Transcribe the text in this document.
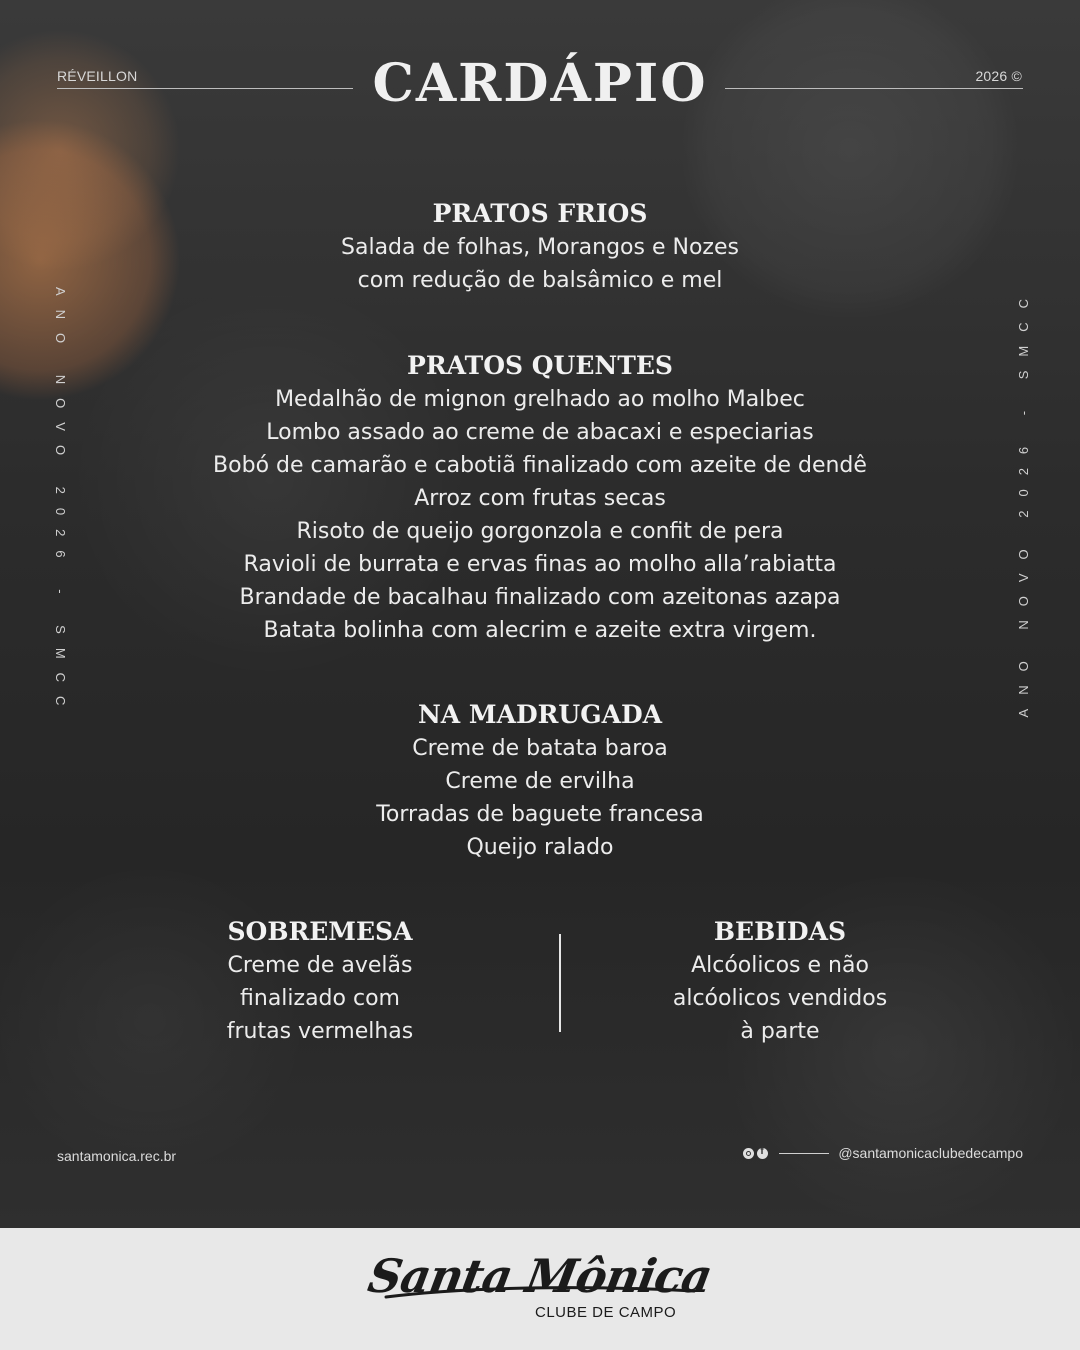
RÉVEILLON	CARDÁPIO	2026 ©
ANO NOVO 2026 - SMCC	ANO NOVO 2026 - SMCC
PRATOS FRIOS

Salada de folhas, Morangos e Nozes

com redução de balsâmico e mel

PRATOS QUENTES

Medalhão de mignon grelhado ao molho Malbec

Lombo assado ao creme de abacaxi e especiarias

Bobó de camarão e cabotiã finalizado com azeite de dendê

Arroz com frutas secas

Risoto de queijo gorgonzola e confit de pera

Ravioli de burrata e ervas finas ao molho alla’rabiatta

Brandade de bacalhau finalizado com azeitonas azapa

Batata bolinha com alecrim e azeite extra virgem.

NA MADRUGADA

Creme de batata baroa

Creme de ervilha

Torradas de baguete francesa

Queijo ralado

SOBREMESA

Creme de avelãs

finalizado com

frutas vermelhas

BEBIDAS

Alcóolicos e não

alcóolicos vendidos

à parte

santamonica.rec.br
f	@santamonicaclubedecampo
Santa Mônica
CLUBE DE CAMPO
